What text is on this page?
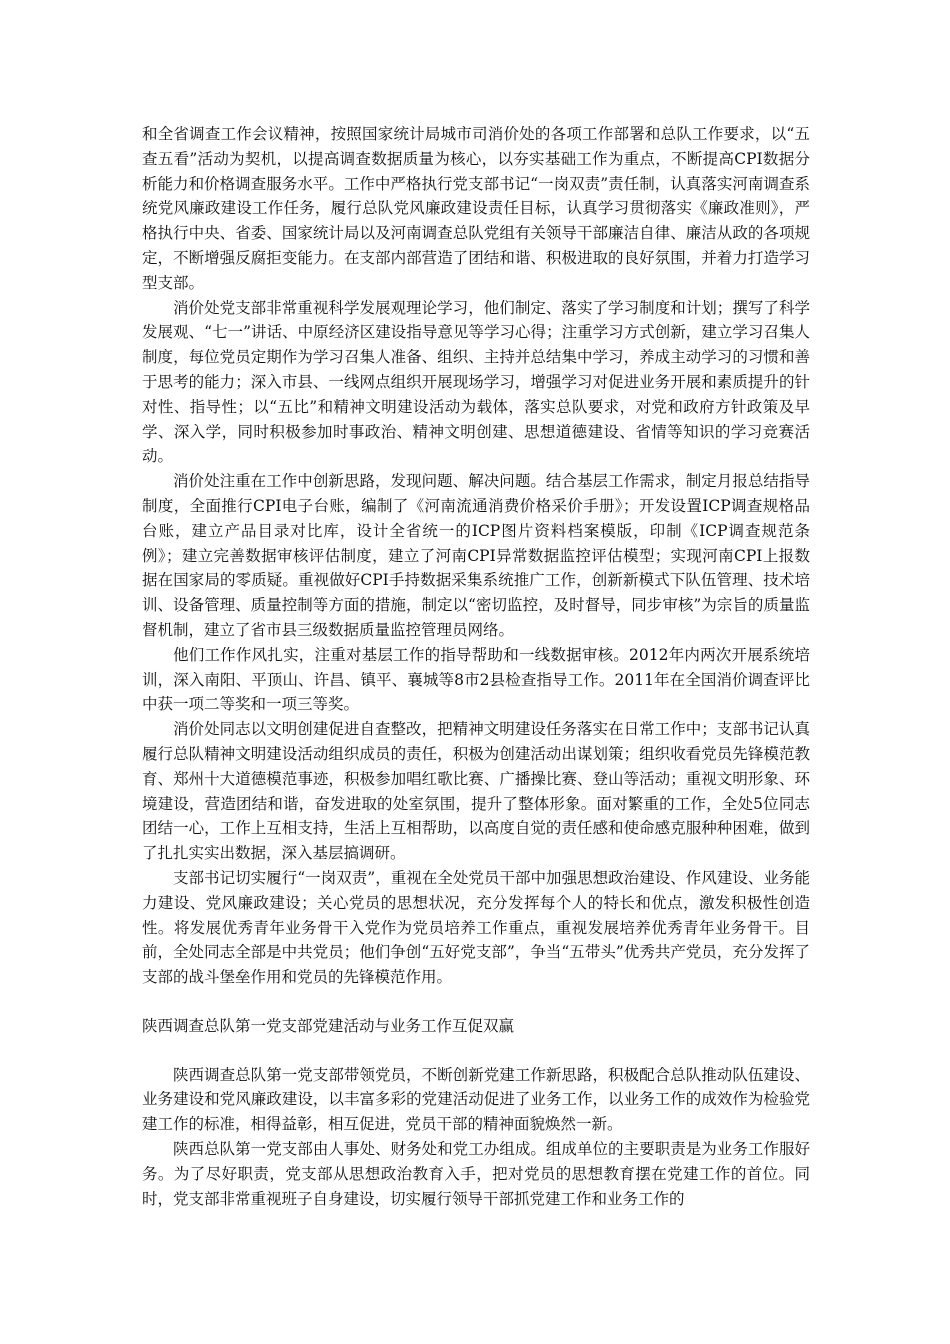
和全省调查工作会议精神，按照国家统计局城市司消价处的各项工作部署和总队工作要求，以“五查五看”活动为契机，以提高调查数据质量为核心，以夯实基础工作为重点，不断提高CPI数据分析能力和价格调查服务水平。工作中严格执行党支部书记“一岗双责”责任制，认真落实河南调查系统党风廉政建设工作任务，履行总队党风廉政建设责任目标，认真学习贯彻落实《廉政准则》，严格执行中央、省委、国家统计局以及河南调查总队党组有关领导干部廉洁自律、廉洁从政的各项规定，不断增强反腐拒变能力。在支部内部营造了团结和谐、积极进取的良好氛围，并着力打造学习型支部。

消价处党支部非常重视科学发展观理论学习，他们制定、落实了学习制度和计划；撰写了科学发展观、“七一”讲话、中原经济区建设指导意见等学习心得；注重学习方式创新，建立学习召集人制度，每位党员定期作为学习召集人准备、组织、主持并总结集中学习，养成主动学习的习惯和善于思考的能力；深入市县、一线网点组织开展现场学习，增强学习对促进业务开展和素质提升的针对性、指导性；以“五比”和精神文明建设活动为载体，落实总队要求，对党和政府方针政策及早学、深入学，同时积极参加时事政治、精神文明创建、思想道德建设、省情等知识的学习竞赛活动。

消价处注重在工作中创新思路，发现问题、解决问题。结合基层工作需求，制定月报总结指导制度，全面推行CPI电子台账，编制了《河南流通消费价格采价手册》；开发设置ICP调查规格品台账，建立产品目录对比库，设计全省统一的ICP图片资料档案模版，印制《ICP调查规范条例》；建立完善数据审核评估制度，建立了河南CPI异常数据监控评估模型；实现河南CPI上报数据在国家局的零质疑。重视做好CPI手持数据采集系统推广工作，创新新模式下队伍管理、技术培训、设备管理、质量控制等方面的措施，制定以“密切监控，及时督导，同步审核”为宗旨的质量监督机制，建立了省市县三级数据质量监控管理员网络。

他们工作作风扎实，注重对基层工作的指导帮助和一线数据审核。2012年内两次开展系统培训，深入南阳、平顶山、许昌、镇平、襄城等8市2县检查指导工作。2011年在全国消价调查评比中获一项二等奖和一项三等奖。

消价处同志以文明创建促进自查整改，把精神文明建设任务落实在日常工作中；支部书记认真履行总队精神文明建设活动组织成员的责任，积极为创建活动出谋划策；组织收看党员先锋模范教育、郑州十大道德模范事迹，积极参加唱红歌比赛、广播操比赛、登山等活动；重视文明形象、环境建设，营造团结和谐，奋发进取的处室氛围，提升了整体形象。面对繁重的工作，全处5位同志团结一心，工作上互相支持，生活上互相帮助，以高度自觉的责任感和使命感克服种种困难，做到了扎扎实实出数据，深入基层搞调研。

支部书记切实履行“一岗双责”，重视在全处党员干部中加强思想政治建设、作风建设、业务能力建设、党风廉政建设；关心党员的思想状况，充分发挥每个人的特长和优点，激发积极性创造性。将发展优秀青年业务骨干入党作为党员培养工作重点，重视发展培养优秀青年业务骨干。目前，全处同志全部是中共党员；他们争创“五好党支部”，争当“五带头”优秀共产党员，充分发挥了支部的战斗堡垒作用和党员的先锋模范作用。

陕西调查总队第一党支部党建活动与业务工作互促双赢

陕西调查总队第一党支部带领党员，不断创新党建工作新思路，积极配合总队推动队伍建设、业务建设和党风廉政建设，以丰富多彩的党建活动促进了业务工作，以业务工作的成效作为检验党建工作的标准，相得益彰，相互促进，党员干部的精神面貌焕然一新。

陕西总队第一党支部由人事处、财务处和党工办组成。组成单位的主要职责是为业务工作服好务。为了尽好职责，党支部从思想政治教育入手，把对党员的思想教育摆在党建工作的首位。同时，党支部非常重视班子自身建设，切实履行领导干部抓党建工作和业务工作的
